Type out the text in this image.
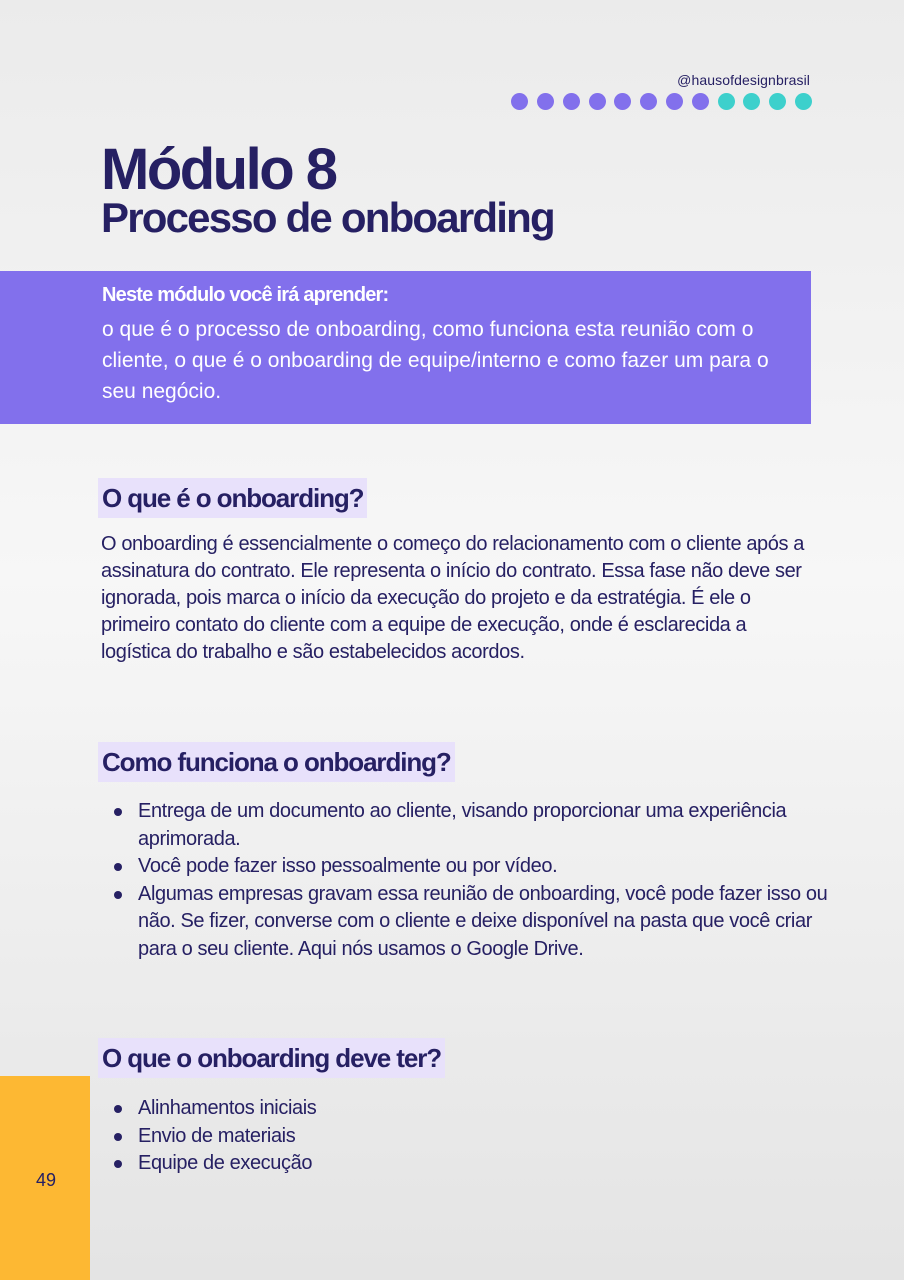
@hausofdesignbrasil
Módulo 8
Processo de onboarding

Neste módulo você irá aprender:

o que é o processo de onboarding, como funciona esta reunião com o cliente, o que é o onboarding de equipe/interno e como fazer um para o seu negócio.

O que é o onboarding?

O onboarding é essencialmente o começo do relacionamento com o cliente após a assinatura do contrato. Ele representa o início do contrato. Essa fase não deve ser ignorada, pois marca o início da execução do projeto e da estratégia. É ele o primeiro contato do cliente com a equipe de execução, onde é esclarecida a logística do trabalho e são estabelecidos acordos.

Como funciona o onboarding?
Entrega de um documento ao cliente, visando proporcionar uma experiência aprimorada.
Você pode fazer isso pessoalmente ou por vídeo.
Algumas empresas gravam essa reunião de onboarding, você pode fazer isso ou não. Se fizer, converse com o cliente e deixe disponível na pasta que você criar para o seu cliente. Aqui nós usamos o Google Drive.
O que o onboarding deve ter?
Alinhamentos iniciais
Envio de materiais
Equipe de execução
49
